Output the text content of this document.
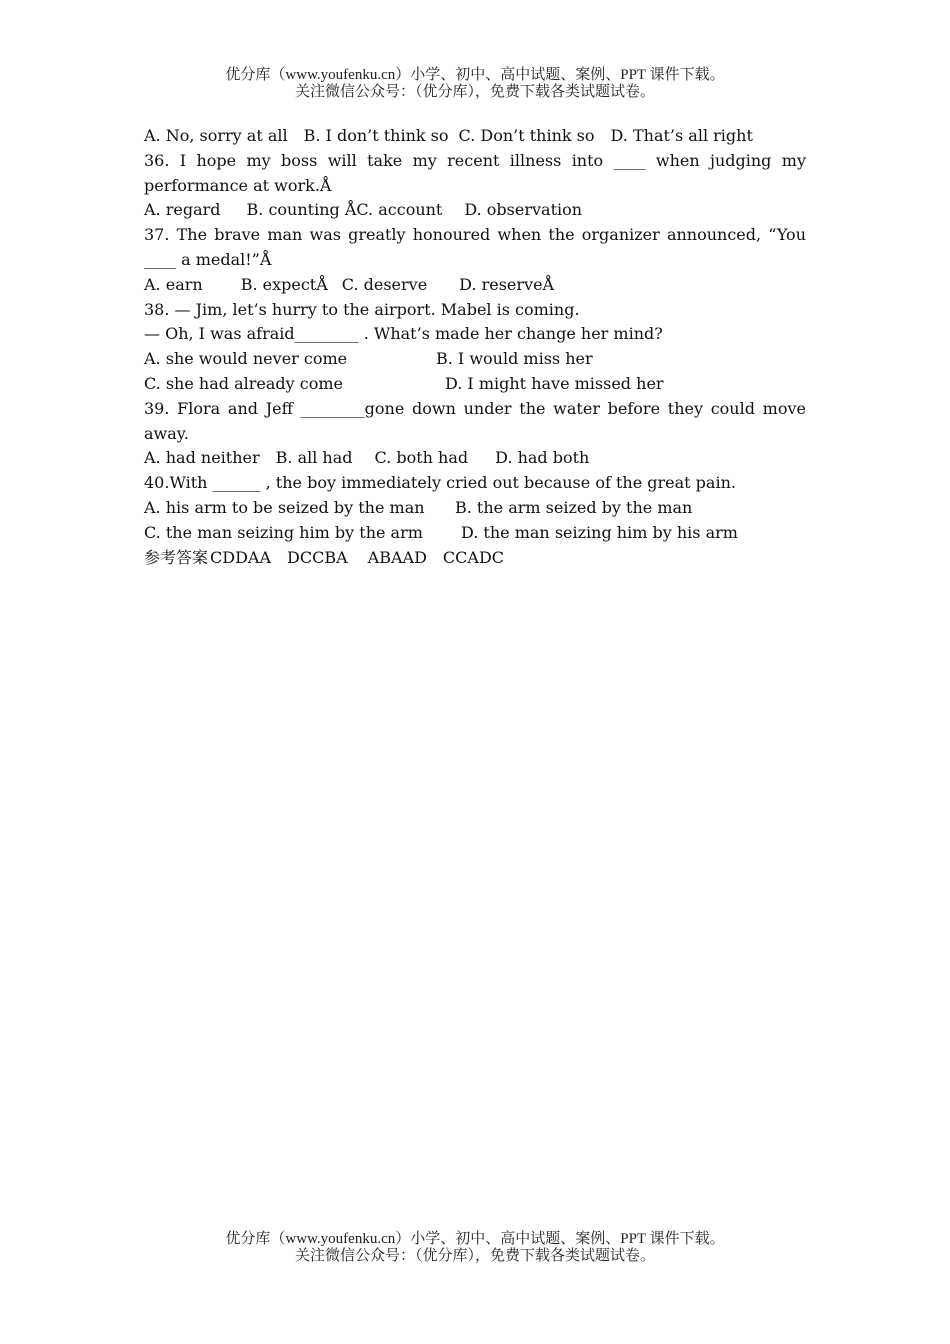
优分库（www.youfenku.cn）小学、初中、高中试题、案例、PPT 课件下载。
关注微信公众号：（优分库），免费下载各类试题试卷。
A. No, sorry at all B. I don’t think so C. Don’t think so D. That’s all right
36. I hope my boss will take my recent illness into ____ when judging my
performance at work.Å
A. regard B. counting ÅC. account D. observation
37. The brave man was greatly honoured when the organizer announced, “You
____ a medal!”Å
A. earn B. expectÅ C. deserve D. reserveÅ
38. — Jim, let’s hurry to the airport. Mabel is coming.
— Oh, I was afraid________ . What’s made her change her mind?
A. she would never come	B. I would miss her
C. she had already come	D. I might have missed her
39. Flora and Jeff ________gone down under the water before they could move
away.
A. had neither B. all had C. both had D. had both
40.With ______ , the boy immediately cried out because of the great pain.
A. his arm to be seized by the man B. the arm seized by the man
C. the man seizing him by the arm D. the man seizing him by his arm
参考答案 CDDAA DCCBA ABAAD CCADC
优分库（www.youfenku.cn）小学、初中、高中试题、案例、PPT 课件下载。
关注微信公众号：（优分库），免费下载各类试题试卷。
